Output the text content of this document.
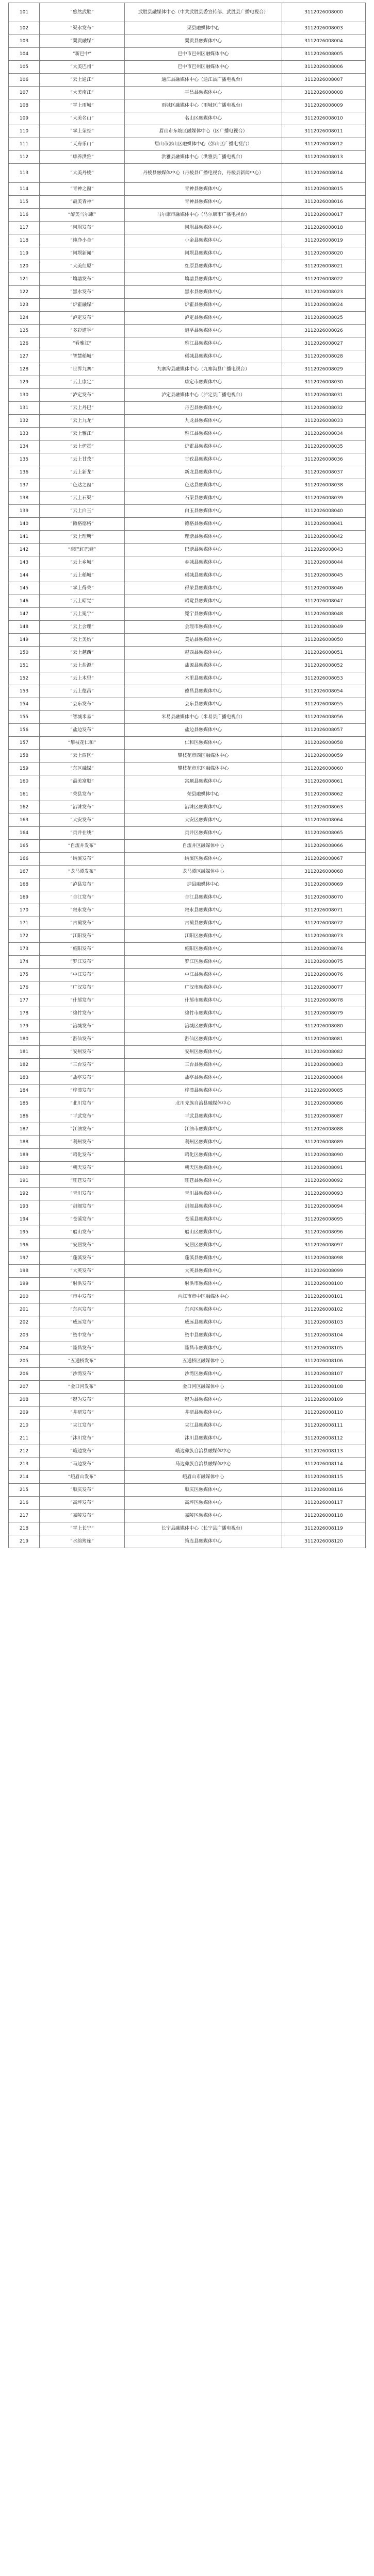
101	“悠然武胜”	武胜县融媒体中心（中共武胜县委宣传部、武胜县广播电视台）	3112026008000
102	“渠水发布”	渠县融媒体中心	3112026008003
103	“翼贡融媒”	翼贡县融媒体中心	3112026008004
104	“新巴中”	巴中市巴州区融媒体中心	3112026008005
105	“大美巴州”	巴中市巴州区融媒体中心	3112026008006
106	“云上通江”	通江县融媒体中心（通江县广播电视台）	3112026008007
107	“大美南江”	平昌县融媒体中心	3112026008008
108	“掌上雨城”	雨城区融媒体中心（雨城区广播电视台）	3112026008009
109	“大美名山”	名山区融媒体中心	3112026008010
110	“掌上荥经”	眉山市东坡区融媒体中心（区广播电视台）	3112026008011
111	“天府乐山”	眉山市彭山区融媒体中心（彭山区广播电视台）	3112026008012
112	“康养洪雅”	洪雅县融媒体中心（洪雅县广播电视台）	3112026008013
113	“大美丹棱”	丹棱县融媒体中心（丹棱县广播电视台，丹棱县新闻中心）	3112026008014
114	“青神之窗”	青神县融媒体中心	3112026008015
115	“最美青神”	青神县融媒体中心	3112026008016
116	“醉美马尔康”	马尔康市融媒体中心（马尔康市广播电视台）	3112026008017
117	“阿坝发布”	阿坝县融媒体中心	3112026008018
118	“纯净小金”	小金县融媒体中心	3112026008019
119	“阿坝新闻”	阿坝县融媒体中心	3112026008020
120	“大美红原”	红原县融媒体中心	3112026008021
121	“壤塘发布”	壤塘县融媒体中心	3112026008022
122	“黑水发布”	黑水县融媒体中心	3112026008023
123	“炉霍融媒”	炉霍县融媒体中心	3112026008024
124	“泸定发布”	泸定县融媒体中心	3112026008025
125	“多彩道孚”	道孚县融媒体中心	3112026008026
126	“看雅江”	雅江县融媒体中心	3112026008027
127	“智慧稻城”	稻城县融媒体中心	3112026008028
128	“世界九寨”	九寨沟县融媒体中心（九寨沟县广播电视台）	3112026008029
129	“云上康定”	康定市融媒体中心	3112026008030
130	“泸定发布”	泸定县融媒体中心（泸定县广播电视台）	3112026008031
131	“云上丹巴”	丹巴县融媒体中心	3112026008032
132	“云上九龙”	九龙县融媒体中心	3112026008033
133	“云上雅江”	雅江县融媒体中心	3112026008034
134	“云上炉霍”	炉霍县融媒体中心	3112026008035
135	“云上甘孜”	甘孜县融媒体中心	3112026008036
136	“云上新龙”	新龙县融媒体中心	3112026008037
137	“色达之窗”	色达县融媒体中心	3112026008038
138	“云上石渠”	石渠县融媒体中心	3112026008039
139	“云上白玉”	白玉县融媒体中心	3112026008040
140	“微格德格”	德格县融媒体中心	3112026008041
141	“云上理塘”	理塘县融媒体中心	3112026008042
142	“康巴红巴塘”	巴塘县融媒体中心	3112026008043
143	“云上乡城”	乡城县融媒体中心	3112026008044
144	“云上稻城”	稻城县融媒体中心	3112026008045
145	“掌上得荣”	得荣县融媒体中心	3112026008046
146	“云上昭觉”	昭觉县融媒体中心	3112026008047
147	“云上冕宁”	冕宁县融媒体中心	3112026008048
148	“云上会理”	会理市融媒体中心	3112026008049
149	“云上美姑”	美姑县融媒体中心	3112026008050
150	“云上越西”	越西县融媒体中心	3112026008051
151	“云上盐源”	盐源县融媒体中心	3112026008052
152	“云上木里”	木里县融媒体中心	3112026008053
153	“云上德昌”	德昌县融媒体中心	3112026008054
154	“会东发布”	会东县融媒体中心	3112026008055
155	“智城米易”	米易县融媒体中心（米易县广播电视台）	3112026008056
156	“盐边发布”	盐边县融媒体中心	3112026008057
157	“攀枝花仁和”	仁和区融媒体中心	3112026008058
158	“云上西区”	攀枝花市西区融媒体中心	3112026008059
159	“东区融媒”	攀枝花市东区融媒体中心	3112026008060
160	“最美富顺”	富顺县融媒体中心	3112026008061
161	“荣县发布”	荣县融媒体中心	3112026008062
162	“沿滩发布”	沿滩区融媒体中心	3112026008063
163	“大安发布”	大安区融媒体中心	3112026008064
164	“贡井在线”	贡井区融媒体中心	3112026008065
165	“自流井发布”	自流井区融媒体中心	3112026008066
166	“纳溪发布”	纳溪区融媒体中心	3112026008067
167	“龙马潭发布”	龙马潭区融媒体中心	3112026008068
168	“泸县发布”	泸县融媒体中心	3112026008069
169	“合江发布”	合江县融媒体中心	3112026008070
170	“叙永发布”	叙永县融媒体中心	3112026008071
171	“古蔺发布”	古蔺县融媒体中心	3112026008072
172	“江阳发布”	江阳区融媒体中心	3112026008073
173	“旌阳发布”	旌阳区融媒体中心	3112026008074
174	“罗江发布”	罗江区融媒体中心	3112026008075
175	“中江发布”	中江县融媒体中心	3112026008076
176	“广汉发布”	广汉市融媒体中心	3112026008077
177	“什邡发布”	什邡市融媒体中心	3112026008078
178	“绵竹发布”	绵竹市融媒体中心	3112026008079
179	“涪城发布”	涪城区融媒体中心	3112026008080
180	“游仙发布”	游仙区融媒体中心	3112026008081
181	“安州发布”	安州区融媒体中心	3112026008082
182	“三台发布”	三台县融媒体中心	3112026008083
183	“盐亭发布”	盐亭县融媒体中心	3112026008084
184	“梓潼发布”	梓潼县融媒体中心	3112026008085
185	“北川发布”	北川羌族自治县融媒体中心	3112026008086
186	“平武发布”	平武县融媒体中心	3112026008087
187	“江油发布”	江油市融媒体中心	3112026008088
188	“利州发布”	利州区融媒体中心	3112026008089
189	“昭化发布”	昭化区融媒体中心	3112026008090
190	“朝天发布”	朝天区融媒体中心	3112026008091
191	“旺苍发布”	旺苍县融媒体中心	3112026008092
192	“青川发布”	青川县融媒体中心	3112026008093
193	“剑阁发布”	剑阁县融媒体中心	3112026008094
194	“苍溪发布”	苍溪县融媒体中心	3112026008095
195	“船山发布”	船山区融媒体中心	3112026008096
196	“安居发布”	安居区融媒体中心	3112026008097
197	“蓬溪发布”	蓬溪县融媒体中心	3112026008098
198	“大英发布”	大英县融媒体中心	3112026008099
199	“射洪发布”	射洪市融媒体中心	3112026008100
200	“市中发布”	内江市市中区融媒体中心	3112026008101
201	“东兴发布”	东兴区融媒体中心	3112026008102
202	“威远发布”	威远县融媒体中心	3112026008103
203	“资中发布”	资中县融媒体中心	3112026008104
204	“隆昌发布”	隆昌市融媒体中心	3112026008105
205	“五通桥发布”	五通桥区融媒体中心	3112026008106
206	“沙湾发布”	沙湾区融媒体中心	3112026008107
207	“金口河发布”	金口河区融媒体中心	3112026008108
208	“犍为发布”	犍为县融媒体中心	3112026008109
209	“井研发布”	井研县融媒体中心	3112026008110
210	“夹江发布”	夹江县融媒体中心	3112026008111
211	“沐川发布”	沐川县融媒体中心	3112026008112
212	“峨边发布”	峨边彝族自治县融媒体中心	3112026008113
213	“马边发布”	马边彝族自治县融媒体中心	3112026008114
214	“峨眉山发布”	峨眉山市融媒体中心	3112026008115
215	“顺庆发布”	顺庆区融媒体中心	3112026008116
216	“高坪发布”	高坪区融媒体中心	3112026008117
217	“嘉陵发布”	嘉陵区融媒体中心	3112026008118
218	“掌上长宁”	长宁县融媒体中心（长宁县广播电视台）	3112026008119
219	“水韵筠连”	筠连县融媒体中心	3112026008120
